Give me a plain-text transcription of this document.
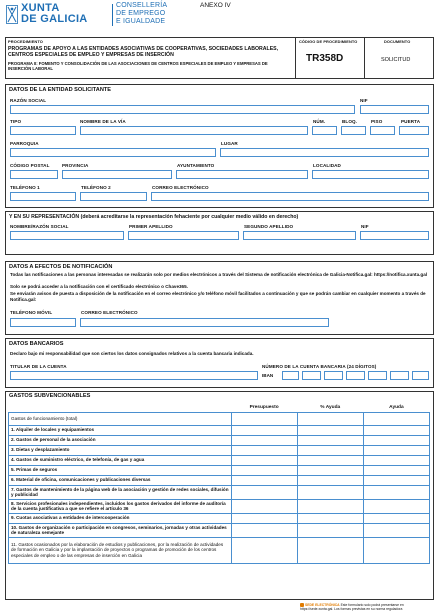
XUNTA
DE GALICIA
CONSELLERÍA
DE EMPREGO
E IGUALDADE
ANEXO IV
PROCEDIMIENTO
PROGRAMAS DE APOYO A LAS ENTIDADES ASOCIATIVAS DE COOPERATIVAS, SOCIEDADES LABORALES, CENTROS ESPECIALES DE EMPLEO Y EMPRESAS DE INSERCIÓN
PROGRAMA II: FOMENTO Y CONSOLIDACIÓN DE LAS ASOCIACIONES DE CENTROS ESPECIALES DE EMPLEO Y EMPRESAS DE INSERCIÓN LABORAL
CÓDIGO DE PROCEDIMIENTO
TR358D
DOCUMENTO
SOLICITUD
DATOS DE LA ENTIDAD SOLICITANTE
RAZÓN SOCIAL	NIF
TIPO	NOMBRE DE LA VÍA	NÚM.	BLOQ.	PISO	PUERTA
PARROQUIA	LUGAR
CÓDIGO POSTAL	PROVINCIA	AYUNTAMIENTO	LOCALIDAD
TELÉFONO 1	TELÉFONO 2	CORREO ELECTRÓNICO
Y EN SU REPRESENTACIÓN (deberá acreditarse la representación fehaciente por cualquier medio válido en derecho)
NOMBRE/RAZÓN SOCIAL	PRIMER APELLIDO	SEGUNDO APELLIDO	NIF
DATOS A EFECTOS DE NOTIFICACIÓN
Todas las notificaciones a las personas interesadas se realizarán solo por medios electrónicos a través del Sistema de notificación electrónica de Galicia-Notifica.gal: https://notifica.xunta.gal
Solo se podrá acceder a la notificación con el certificado electrónico o Chave365.
Se enviarán avisos de puesta a disposición de la notificación en el correo electrónico y/o teléfono móvil facilitados a continuación y que se podrán cambiar en cualquier momento a través de Notifica.gal:
TELÉFONO MÓVIL	CORREO ELECTRÓNICO
DATOS BANCARIOS
Declaro bajo mi responsabilidad que son ciertos los datos consignados relativos a la cuenta bancaria indicada.
TITULAR DE LA CUENTA	NÚMERO DE LA CUENTA BANCARIA (24 DÍGITOS)
IBAN
GASTOS SUBVENCIONABLES
	Presupuesto	% Ayuda	Ayuda
Gastos de funcionamiento (total)			
1. Alquiler de locales y equipamientos			
2. Gastos de personal de la asociación			
3. Dietas y desplazamiento			
4. Gastos de suministro eléctrico, de telefonía, de gas y agua			
5. Primas de seguros			
6. Material de oficina, comunicaciones y publicaciones diversas			
7. Gastos de mantenimiento de la página web de la asociación y gestión de redes sociales, difusión y publicidad			
8. Servicios profesionales independientes, incluidos los gastos derivados del informe de auditoría de la cuenta justificativa a que se refiere el artículo 36			
9. Cuotas asociativas a entidades de intercooperación			
10. Gastos de organización o participación en congresos, seminarios, jornadas y otras actividades de naturaleza semejante			
11. Gastos ocasionados por la elaboración de estudios y publicaciones, por la realización de actividades de formación en Galicia y por la implantación de proyectos o programas de promoción de los centros especiales de empleo o de las empresas de inserción en Galicia			
SEDE ELECTRÓNICA Este formulario solo podrá presentarse en https://sede.xunta.gal. Los formas previstas en su norma reguladora
